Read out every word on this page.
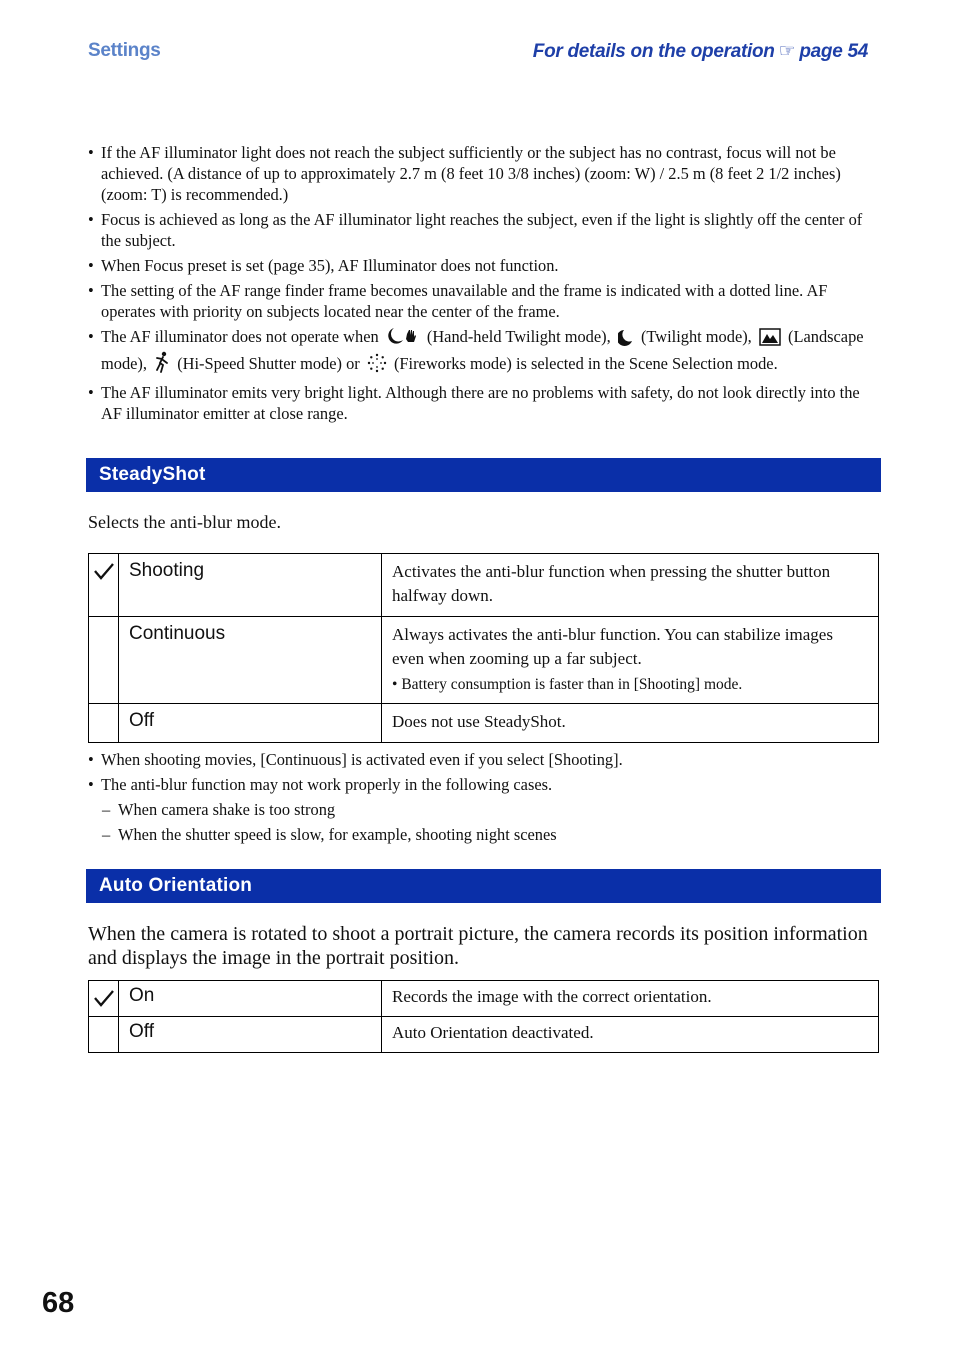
Settings	For details on the operation ☞ page 54
• If the AF illuminator light does not reach the subject sufficiently or the subject has no contrast, focus will not be achieved. (A distance of up to approximately 2.7 m (8 feet 10 3/8 inches) (zoom: W) / 2.5 m (8 feet 2 1/2 inches) (zoom: T) is recommended.)
• Focus is achieved as long as the AF illuminator light reaches the subject, even if the light is slightly off the center of the subject.
• When Focus preset is set (page 35), AF Illuminator does not function.
• The setting of the AF range finder frame becomes unavailable and the frame is indicated with a dotted line. AF operates with priority on subjects located near the center of the frame.
• The AF illuminator does not operate when	(Hand-held Twilight mode), (Twilight mode), (Landscape mode), (Hi-Speed Shutter mode) or (Fireworks mode) is selected in the Scene Selection mode.
• The AF illuminator emits very bright light. Although there are no problems with safety, do not look directly into the AF illuminator emitter at close range.
SteadyShot
Selects the anti-blur mode.
	Shooting	Activates the anti-blur function when pressing the shutter button halfway down.
	Continuous	Always activates the anti-blur function. You can stabilize images even when zooming up a far subject.
• Battery consumption is faster than in [Shooting] mode.

	Off	Does not use SteadyShot.
• When shooting movies, [Continuous] is activated even if you select [Shooting].
• The anti-blur function may not work properly in the following cases.
– When camera shake is too strong
– When the shutter speed is slow, for example, shooting night scenes
Auto Orientation
When the camera is rotated to shoot a portrait picture, the camera records its position information and displays the image in the portrait position.
	On	Records the image with the correct orientation.
	Off	Auto Orientation deactivated.
68
